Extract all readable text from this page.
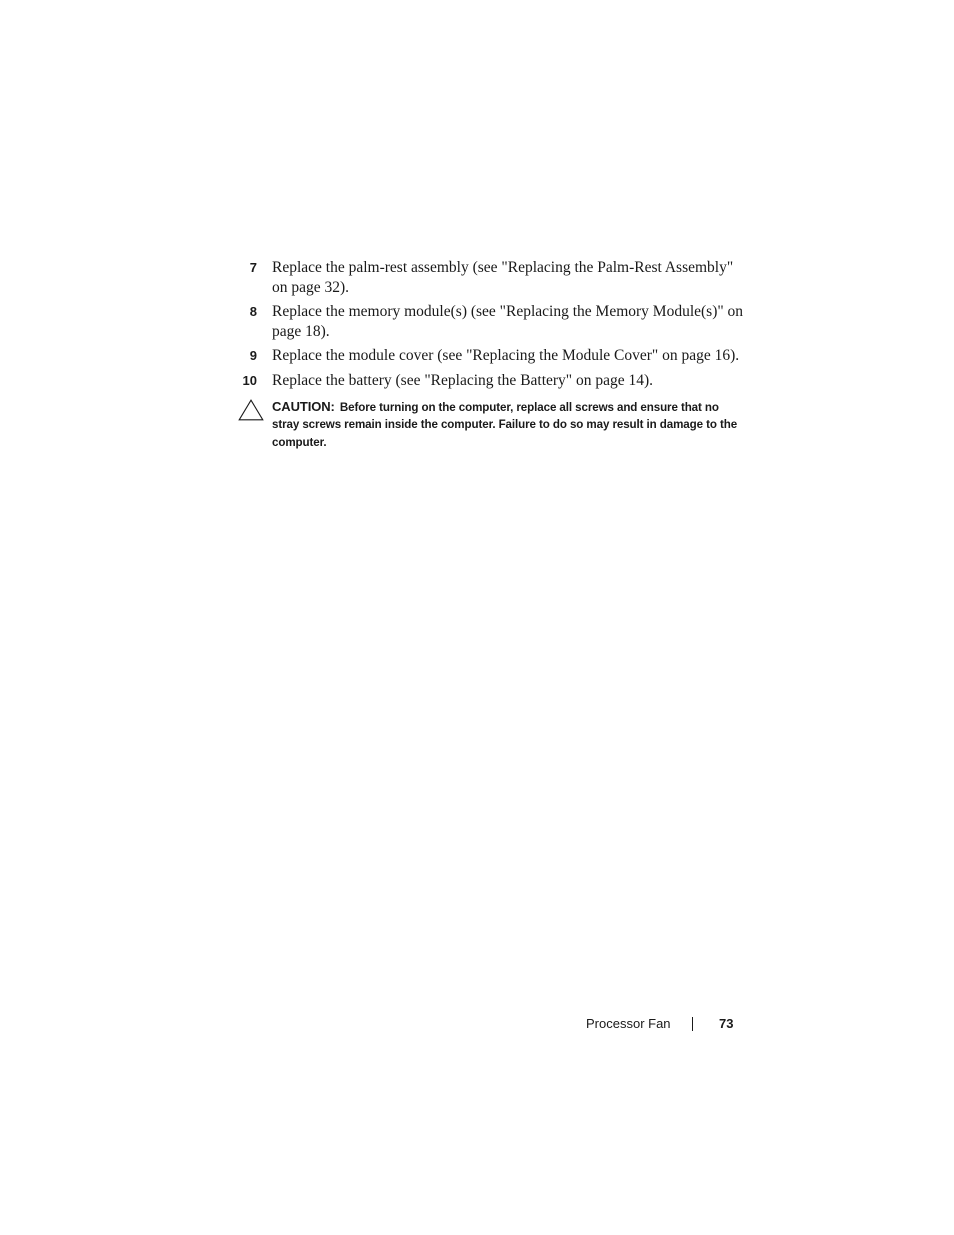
7 Replace the palm-rest assembly (see "Replacing the Palm-Rest Assembly" on page 32).
8 Replace the memory module(s) (see "Replacing the Memory Module(s)" on page 18).
9 Replace the module cover (see "Replacing the Module Cover" on page 16).
10 Replace the battery (see "Replacing the Battery" on page 14).
CAUTION: Before turning on the computer, replace all screws and ensure that no stray screws remain inside the computer. Failure to do so may result in damage to the computer.
Processor Fan	73
